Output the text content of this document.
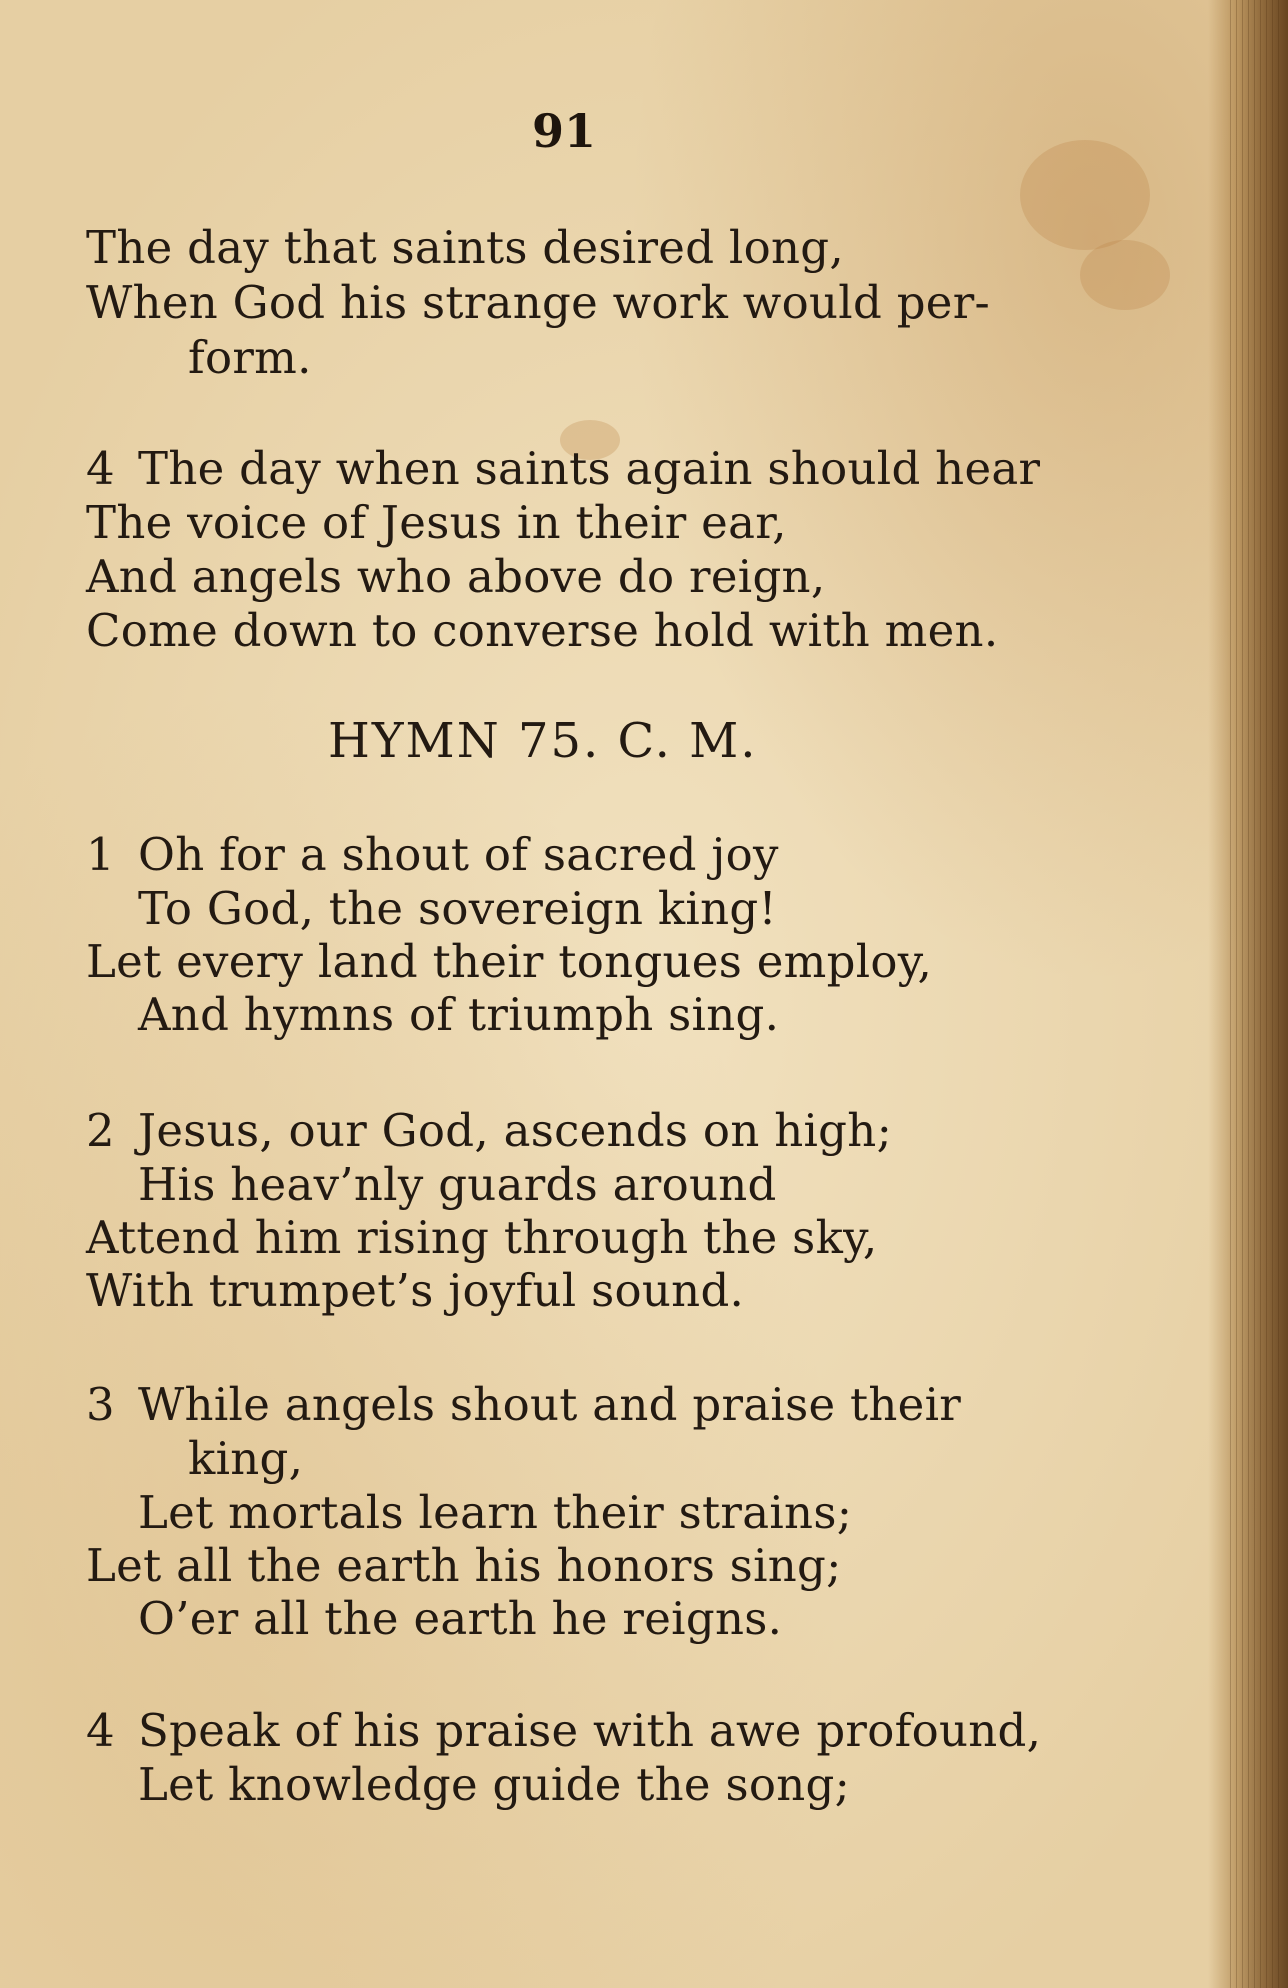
91
The day that saints desired long,
When God his strange work would per-
form.
4 The day when saints again should hear
The voice of Jesus in their ear,
And angels who above do reign,
Come down to converse hold with men.
HYMN 75. C. M.
1 Oh for a shout of sacred joy
To God, the sovereign king!
Let every land their tongues employ,
And hymns of triumph sing.
2 Jesus, our God, ascends on high;
His heav’nly guards around
Attend him rising through the sky,
With trumpet’s joyful sound.
3 While angels shout and praise their
king,
Let mortals learn their strains;
Let all the earth his honors sing;
O’er all the earth he reigns.
4 Speak of his praise with awe profound,
Let knowledge guide the song;
